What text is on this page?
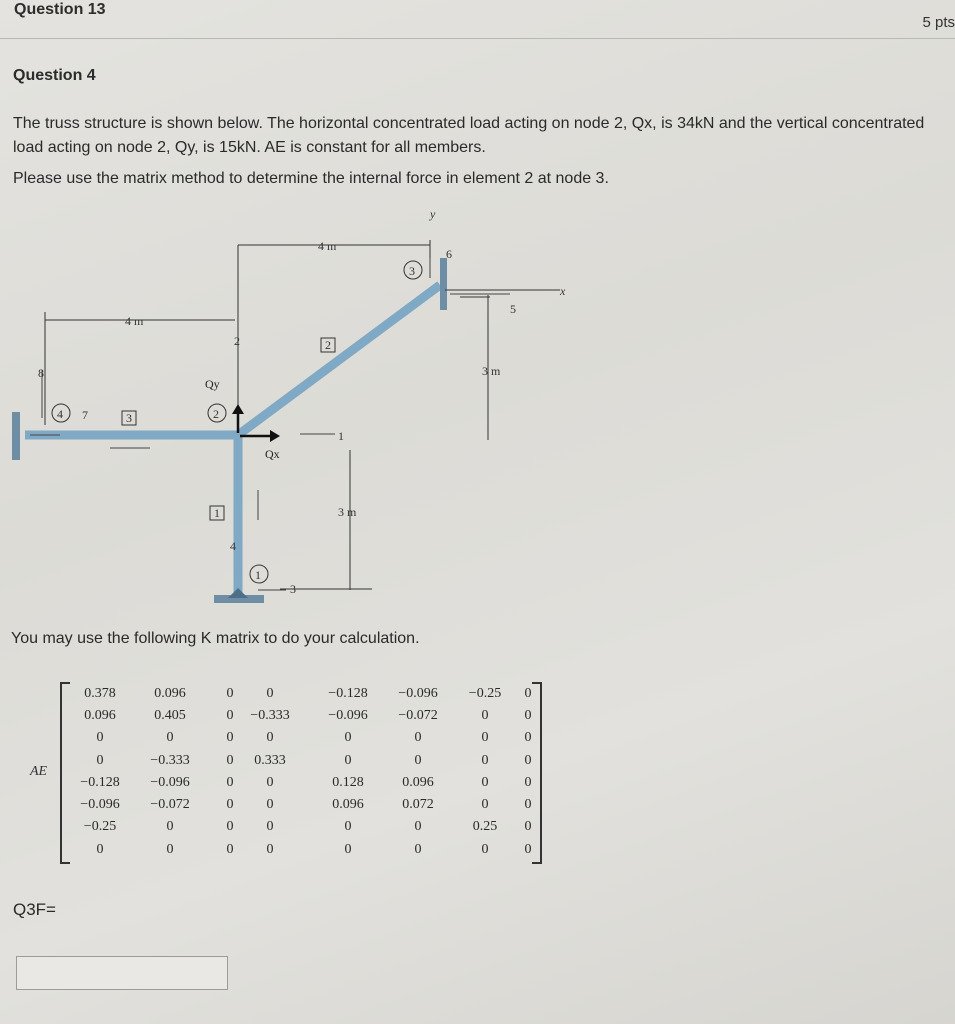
Question 13
5 pts
Question 4
The truss structure is shown below. The horizontal concentrated load acting on node 2, Qx, is 34kN and the vertical concentrated load acting on node 2, Qy, is 15kN. AE is constant for all members.
Please use the matrix method to determine the internal force in element 2 at node 3.
4 m
4 m
3 m
3 m
x
y
Qy
Qx
1
2
3
4
5
6
7
8
1
2
3
4
1
2
3
You may use the following K matrix to do your calculation.
AE
0.378	0.096	0	0	−0.128	−0.096	−0.25	0
0.096	0.405	0	−0.333	−0.096	−0.072	0	0
0	0	0	0	0	0	0	0
0	−0.333	0	0.333	0	0	0	0
−0.128	−0.096	0	0	0.128	0.096	0	0
−0.096	−0.072	0	0	0.096	0.072	0	0
−0.25	0	0	0	0	0	0.25	0
0	0	0	0	0	0	0	0
Q3F=
